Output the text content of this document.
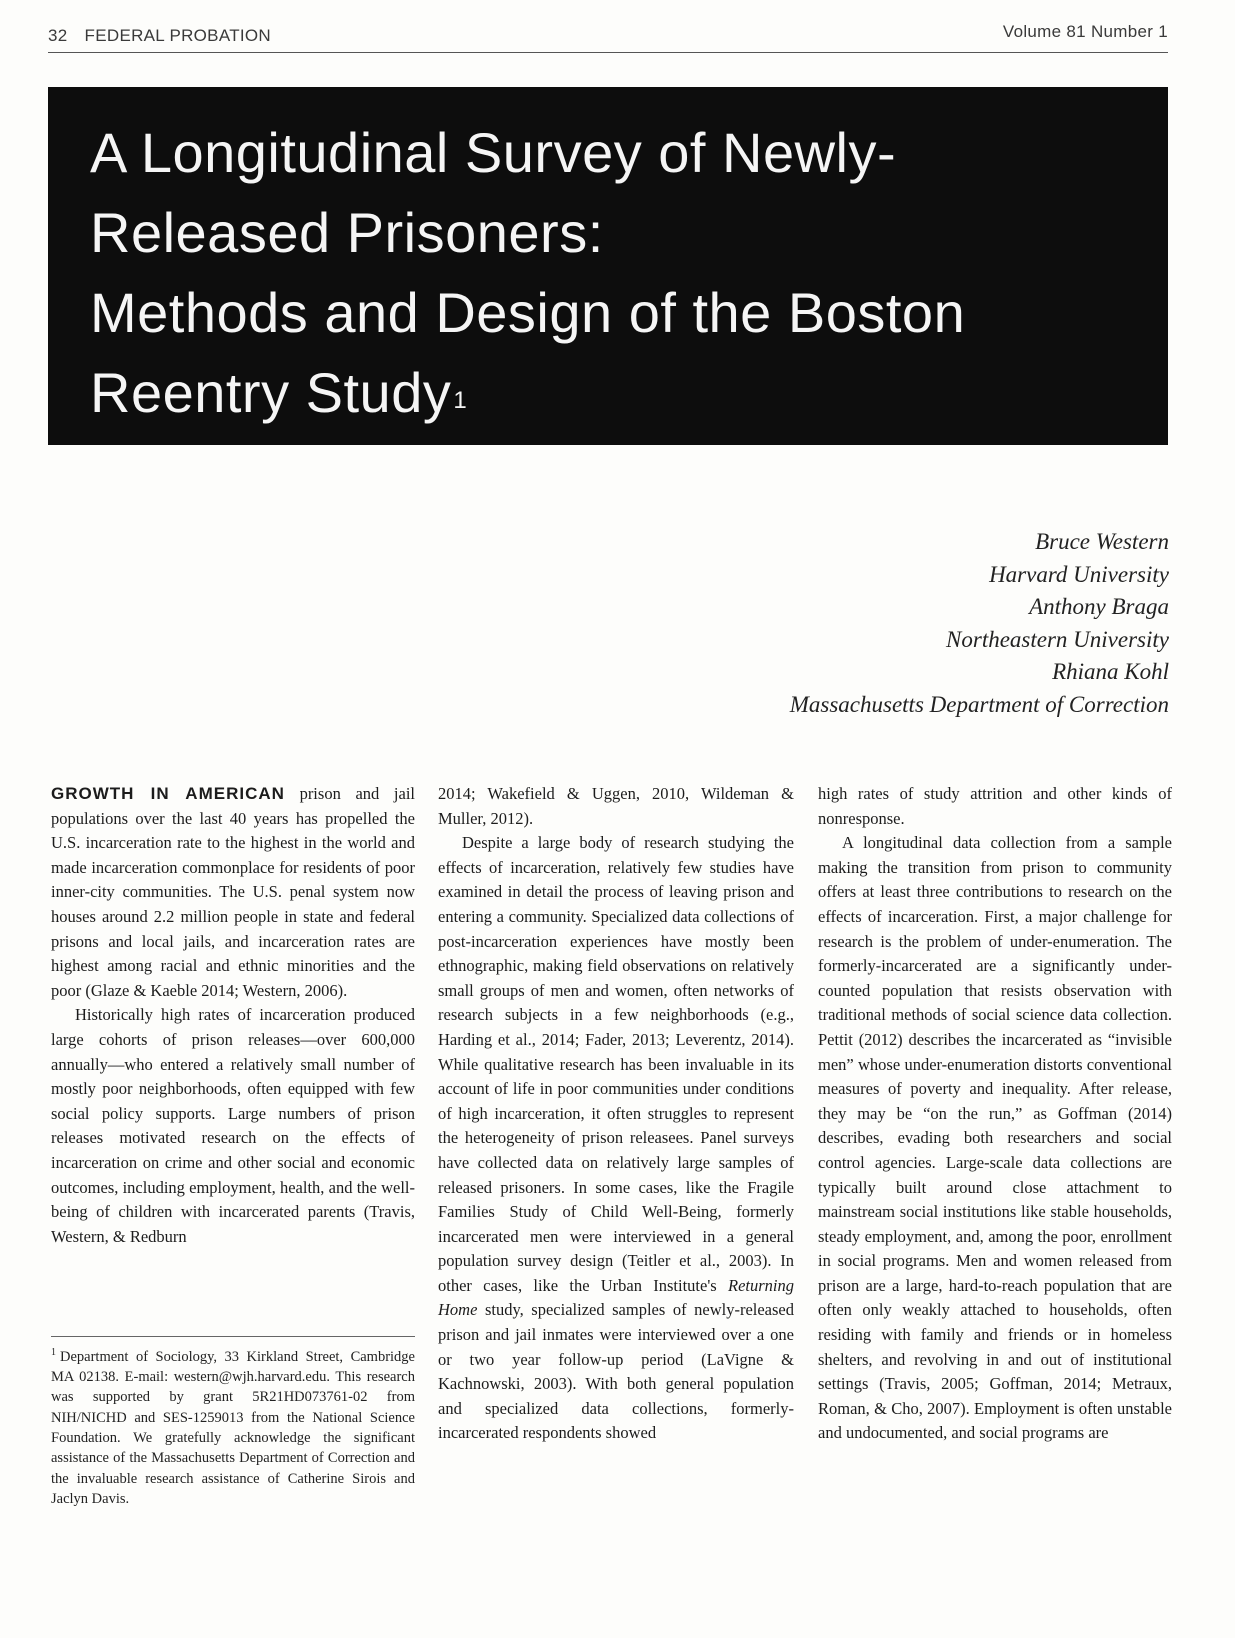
32 FEDERAL PROBATION	Volume 81 Number 1
A Longitudinal Survey of Newly-
Released Prisoners:
Methods and Design of the Boston
Reentry Study$^1$
Bruce Western
Harvard University
Anthony Braga
Northeastern University
Rhiana Kohl
Massachusetts Department of Correction

GROWTH IN AMERICAN prison and jail populations over the last 40 years has propelled the U.S. incarceration rate to the highest in the world and made incarceration commonplace for residents of poor inner-city communities. The U.S. penal system now houses around 2.2 million people in state and federal prisons and local jails, and incarceration rates are highest among racial and ethnic minorities and the poor (Glaze & Kaeble 2014; Western, 2006).

Historically high rates of incarceration produced large cohorts of prison releases—over 600,000 annually—who entered a relatively small number of mostly poor neighborhoods, often equipped with few social policy supports. Large numbers of prison releases motivated research on the effects of incarceration on crime and other social and economic outcomes, including employment, health, and the well-being of children with incarcerated parents (Travis, Western, & Redburn

$^1$ Department of Sociology, 33 Kirkland Street, Cambridge MA 02138. E-mail: western@wjh.harvard.edu. This research was supported by grant 5R21HD073761-02 from NIH/NICHD and SES-1259013 from the National Science Foundation. We gratefully acknowledge the significant assistance of the Massachusetts Department of Correction and the invaluable research assistance of Catherine Sirois and Jaclyn Davis.

2014; Wakefield & Uggen, 2010, Wildeman & Muller, 2012).

Despite a large body of research studying the effects of incarceration, relatively few studies have examined in detail the process of leaving prison and entering a community. Specialized data collections of post-incarceration experiences have mostly been ethnographic, making field observations on relatively small groups of men and women, often networks of research subjects in a few neighborhoods (e.g., Harding et al., 2014; Fader, 2013; Leverentz, 2014). While qualitative research has been invaluable in its account of life in poor communities under conditions of high incarceration, it often struggles to represent the heterogeneity of prison releasees. Panel surveys have collected data on relatively large samples of released prisoners. In some cases, like the Fragile Families Study of Child Well-Being, formerly incarcerated men were interviewed in a general population survey design (Teitler et al., 2003). In other cases, like the Urban Institute's Returning Home study, specialized samples of newly-released prison and jail inmates were interviewed over a one or two year follow-up period (LaVigne & Kachnowski, 2003). With both general population and specialized data collections, formerly-incarcerated respondents showed

high rates of study attrition and other kinds of nonresponse.

A longitudinal data collection from a sample making the transition from prison to community offers at least three contributions to research on the effects of incarceration. First, a major challenge for research is the problem of under-enumeration. The formerly-incarcerated are a significantly under-counted population that resists observation with traditional methods of social science data collection. Pettit (2012) describes the incarcerated as “invisible men” whose under-enumeration distorts conventional measures of poverty and inequality. After release, they may be “on the run,” as Goffman (2014) describes, evading both researchers and social control agencies. Large-scale data collections are typically built around close attachment to mainstream social institutions like stable households, steady employment, and, among the poor, enrollment in social programs. Men and women released from prison are a large, hard-to-reach population that are often only weakly attached to households, often residing with family and friends or in homeless shelters, and revolving in and out of institutional settings (Travis, 2005; Goffman, 2014; Metraux, Roman, & Cho, 2007). Employment is often unstable and undocumented, and social programs are
